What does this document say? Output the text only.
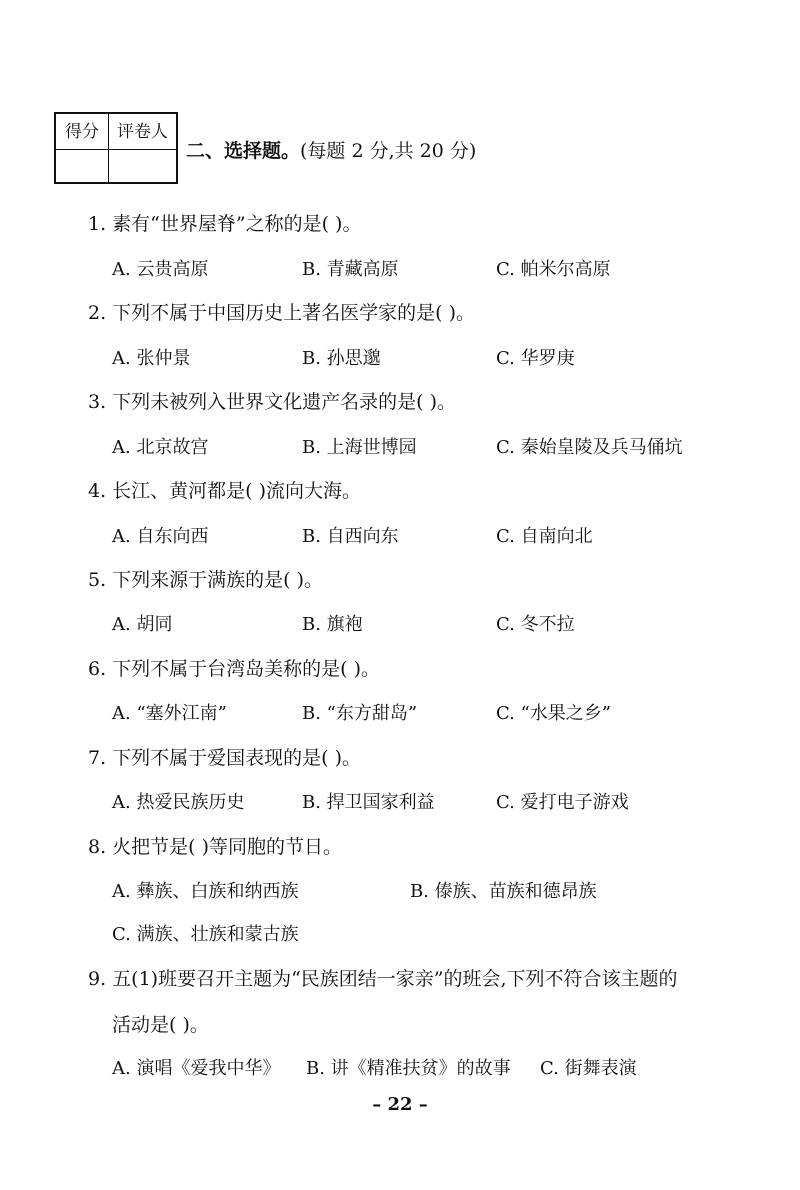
得分	评卷人
二、选择题。(每题 2 分,共 20 分)
1. 素有“世界屋脊”之称的是( )。
A. 云贵高原	B. 青藏高原	C. 帕米尔高原
2. 下列不属于中国历史上著名医学家的是( )。
A. 张仲景	B. 孙思邈	C. 华罗庚
3. 下列未被列入世界文化遗产名录的是( )。
A. 北京故宫	B. 上海世博园	C. 秦始皇陵及兵马俑坑
4. 长江、黄河都是( )流向大海。
A. 自东向西	B. 自西向东	C. 自南向北
5. 下列来源于满族的是( )。
A. 胡同	B. 旗袍	C. 冬不拉
6. 下列不属于台湾岛美称的是( )。
A. “塞外江南”	B. “东方甜岛”	C. “水果之乡”
7. 下列不属于爱国表现的是( )。
A. 热爱民族历史	B. 捍卫国家利益	C. 爱打电子游戏
8. 火把节是( )等同胞的节日。
A. 彝族、白族和纳西族	B. 傣族、苗族和德昂族
C. 满族、壮族和蒙古族
9. 五(1)班要召开主题为“民族团结一家亲”的班会,下列不符合该主题的
活动是( )。
A. 演唱《爱我中华》 B. 讲《精准扶贫》的故事 C. 街舞表演
– 22 –
